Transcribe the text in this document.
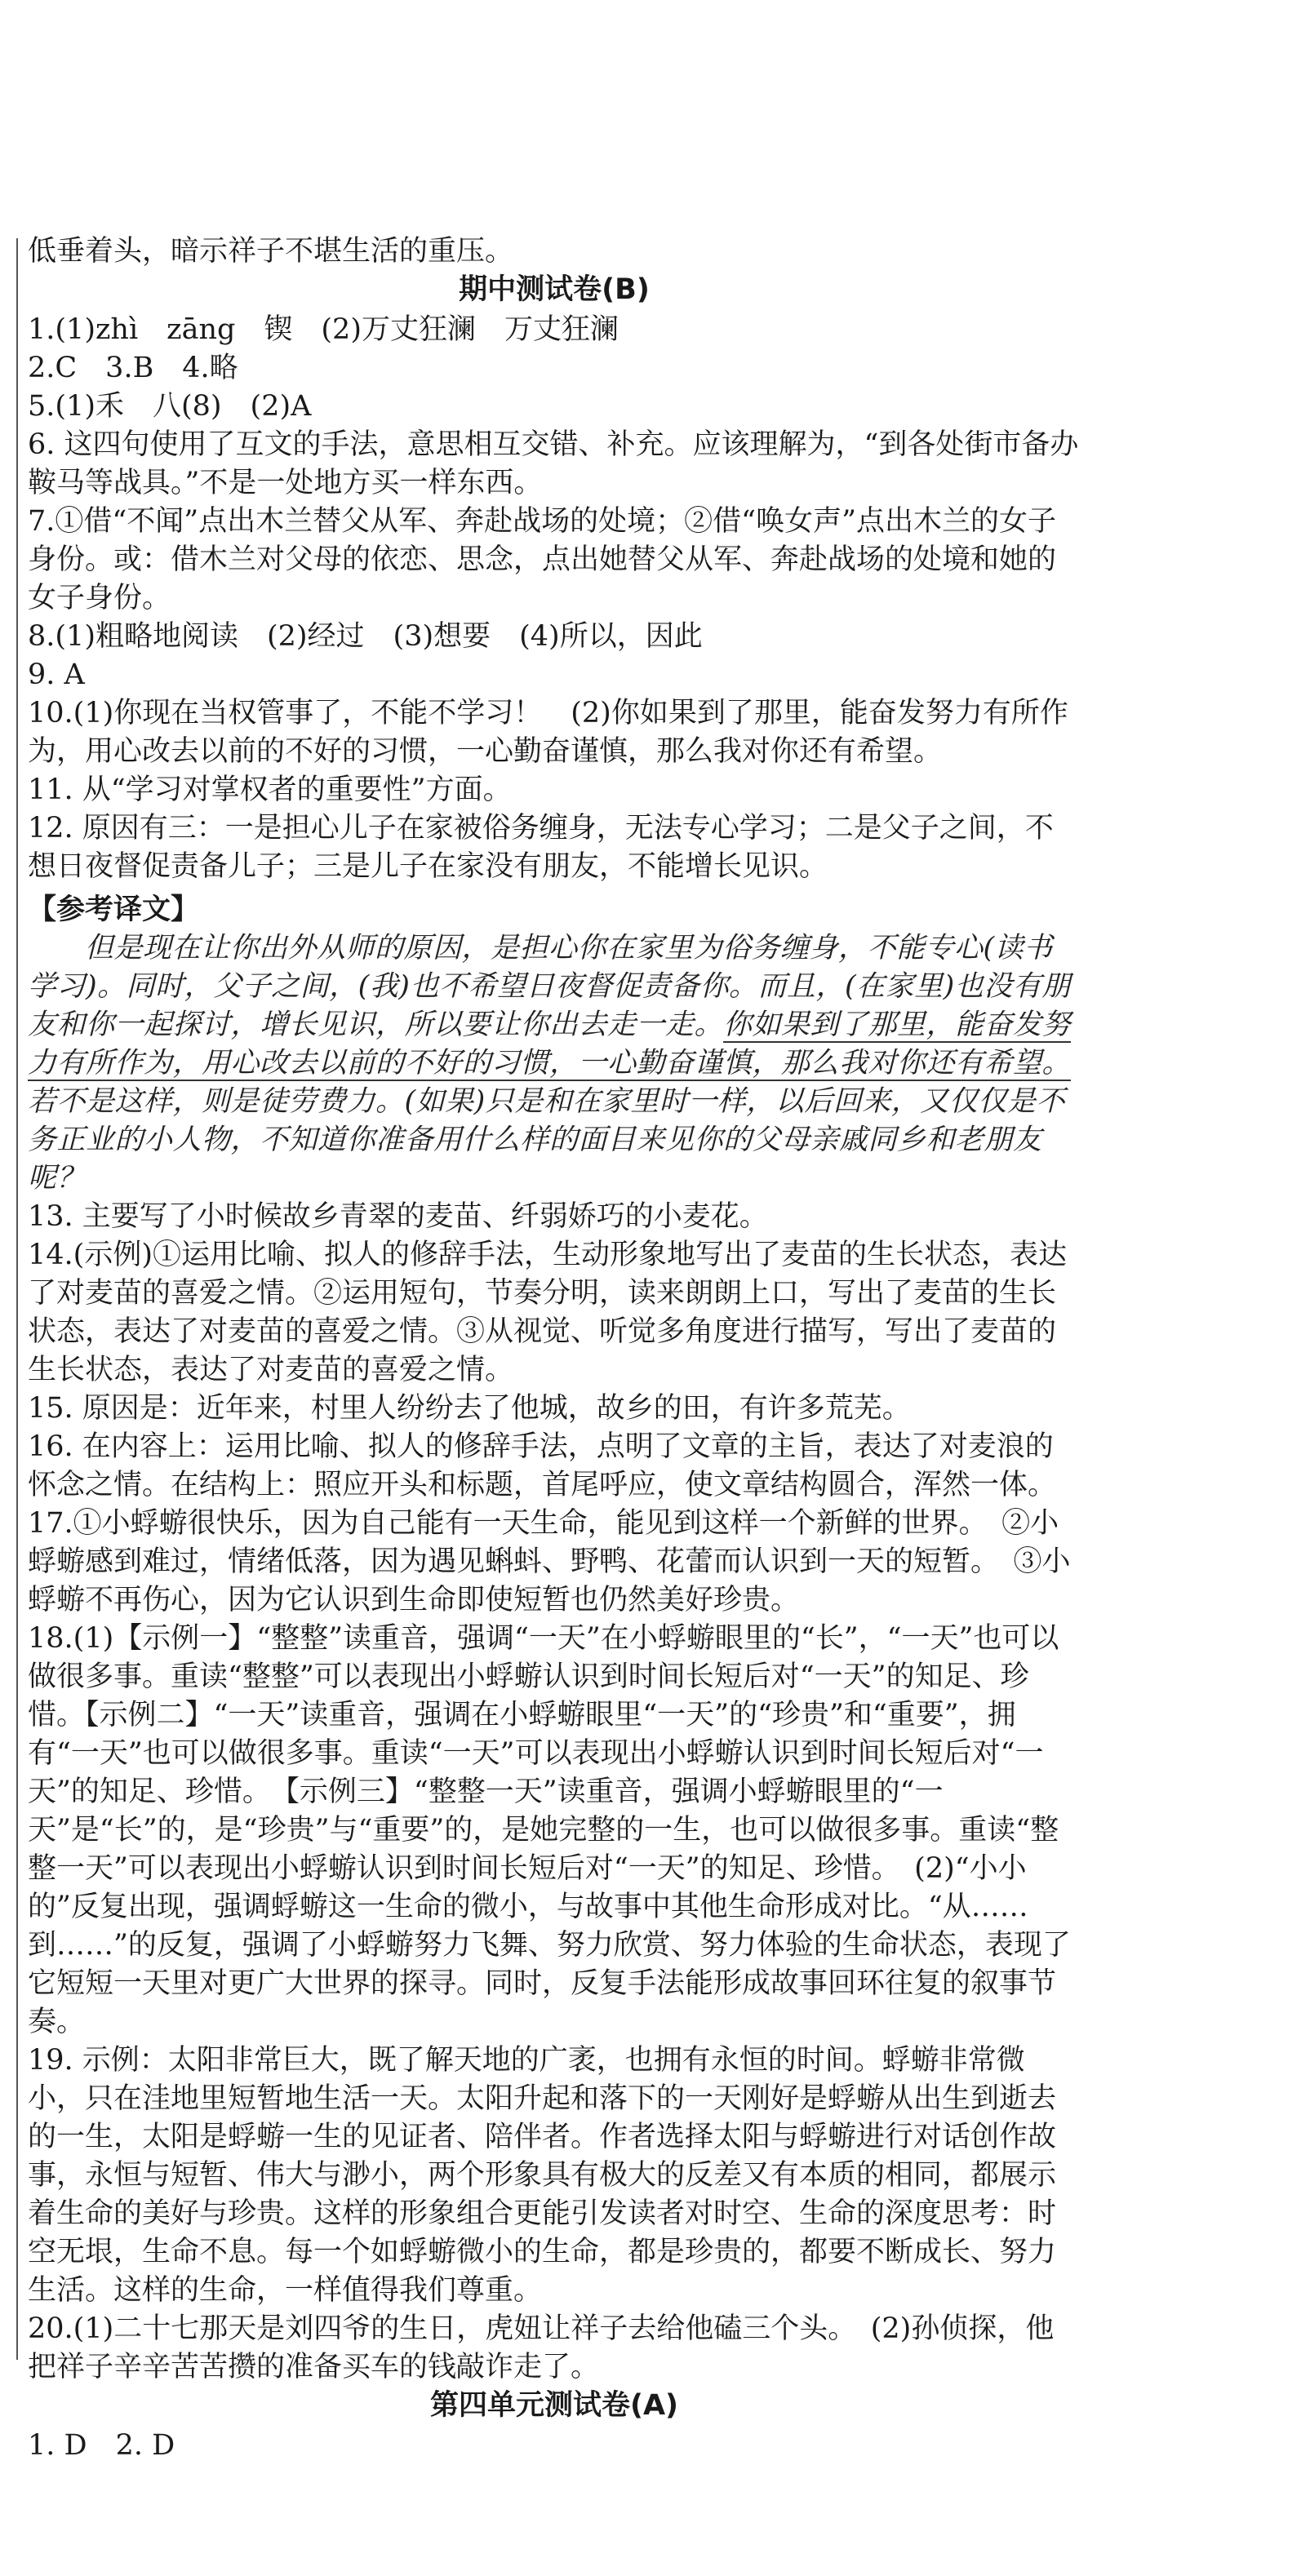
低垂着头，暗示祥子不堪生活的重压。

期中测试卷(B)

1.(1)zhì　zāng　锲　(2)万丈狂澜　万丈狂澜

2.C　3.B　4.略

5.(1)禾　八(8)　(2)A

6. 这四句使用了互文的手法，意思相互交错、补充。应该理解为，“到各处街市备办鞍马等战具。”不是一处地方买一样东西。

7.①借“不闻”点出木兰替父从军、奔赴战场的处境；②借“唤女声”点出木兰的女子身份。或：借木兰对父母的依恋、思念，点出她替父从军、奔赴战场的处境和她的女子身份。

8.(1)粗略地阅读　(2)经过　(3)想要　(4)所以，因此

9. A

10.(1)你现在当权管事了，不能不学习！　(2)你如果到了那里，能奋发努力有所作为，用心改去以前的不好的习惯，一心勤奋谨慎，那么我对你还有希望。

11. 从“学习对掌权者的重要性”方面。

12. 原因有三：一是担心儿子在家被俗务缠身，无法专心学习；二是父子之间，不想日夜督促责备儿子；三是儿子在家没有朋友，不能增长见识。

【参考译文】

但是现在让你出外从师的原因，是担心你在家里为俗务缠身，不能专心(读书学习)。同时，父子之间，(我)也不希望日夜督促责备你。而且，(在家里)也没有朋友和你一起探讨，增长见识，所以要让你出去走一走。你如果到了那里，能奋发努力有所作为，用心改去以前的不好的习惯，一心勤奋谨慎，那么我对你还有希望。若不是这样，则是徒劳费力。(如果)只是和在家里时一样，以后回来，又仅仅是不务正业的小人物，不知道你准备用什么样的面目来见你的父母亲戚同乡和老朋友呢？

13. 主要写了小时候故乡青翠的麦苗、纤弱娇巧的小麦花。

14.(示例)①运用比喻、拟人的修辞手法，生动形象地写出了麦苗的生长状态，表达了对麦苗的喜爱之情。②运用短句，节奏分明，读来朗朗上口，写出了麦苗的生长状态，表达了对麦苗的喜爱之情。③从视觉、听觉多角度进行描写，写出了麦苗的生长状态，表达了对麦苗的喜爱之情。

15. 原因是：近年来，村里人纷纷去了他城，故乡的田，有许多荒芜。

16. 在内容上：运用比喻、拟人的修辞手法，点明了文章的主旨，表达了对麦浪的怀念之情。在结构上：照应开头和标题，首尾呼应，使文章结构圆合，浑然一体。

17.①小蜉蝣很快乐，因为自己能有一天生命，能见到这样一个新鲜的世界。　②小蜉蝣感到难过，情绪低落，因为遇见蝌蚪、野鸭、花蕾而认识到一天的短暂。　③小蜉蝣不再伤心，因为它认识到生命即使短暂也仍然美好珍贵。

18.(1)【示例一】“整整”读重音，强调“一天”在小蜉蝣眼里的“长”，“一天”也可以做很多事。重读“整整”可以表现出小蜉蝣认识到时间长短后对“一天”的知足、珍惜。【示例二】“一天”读重音，强调在小蜉蝣眼里“一天”的“珍贵”和“重要”，拥有“一天”也可以做很多事。重读“一天”可以表现出小蜉蝣认识到时间长短后对“一天”的知足、珍惜。　【示例三】“整整一天”读重音，强调小蜉蝣眼里的“一天”是“长”的，是“珍贵”与“重要”的，是她完整的一生，也可以做很多事。重读“整整一天”可以表现出小蜉蝣认识到时间长短后对“一天”的知足、珍惜。　(2)“小小的”反复出现，强调蜉蝣这一生命的微小，与故事中其他生命形成对比。“从……到……”的反复，强调了小蜉蝣努力飞舞、努力欣赏、努力体验的生命状态，表现了它短短一天里对更广大世界的探寻。同时，反复手法能形成故事回环往复的叙事节奏。

19. 示例：太阳非常巨大，既了解天地的广袤，也拥有永恒的时间。蜉蝣非常微小，只在洼地里短暂地生活一天。太阳升起和落下的一天刚好是蜉蝣从出生到逝去的一生，太阳是蜉蝣一生的见证者、陪伴者。作者选择太阳与蜉蝣进行对话创作故事，永恒与短暂、伟大与渺小，两个形象具有极大的反差又有本质的相同，都展示着生命的美好与珍贵。这样的形象组合更能引发读者对时空、生命的深度思考：时空无垠，生命不息。每一个如蜉蝣微小的生命，都是珍贵的，都要不断成长、努力生活。这样的生命，一样值得我们尊重。

20.(1)二十七那天是刘四爷的生日，虎妞让祥子去给他磕三个头。　(2)孙侦探，他把祥子辛辛苦苦攒的准备买车的钱敲诈走了。

第四单元测试卷(A)

1. D　2. D
